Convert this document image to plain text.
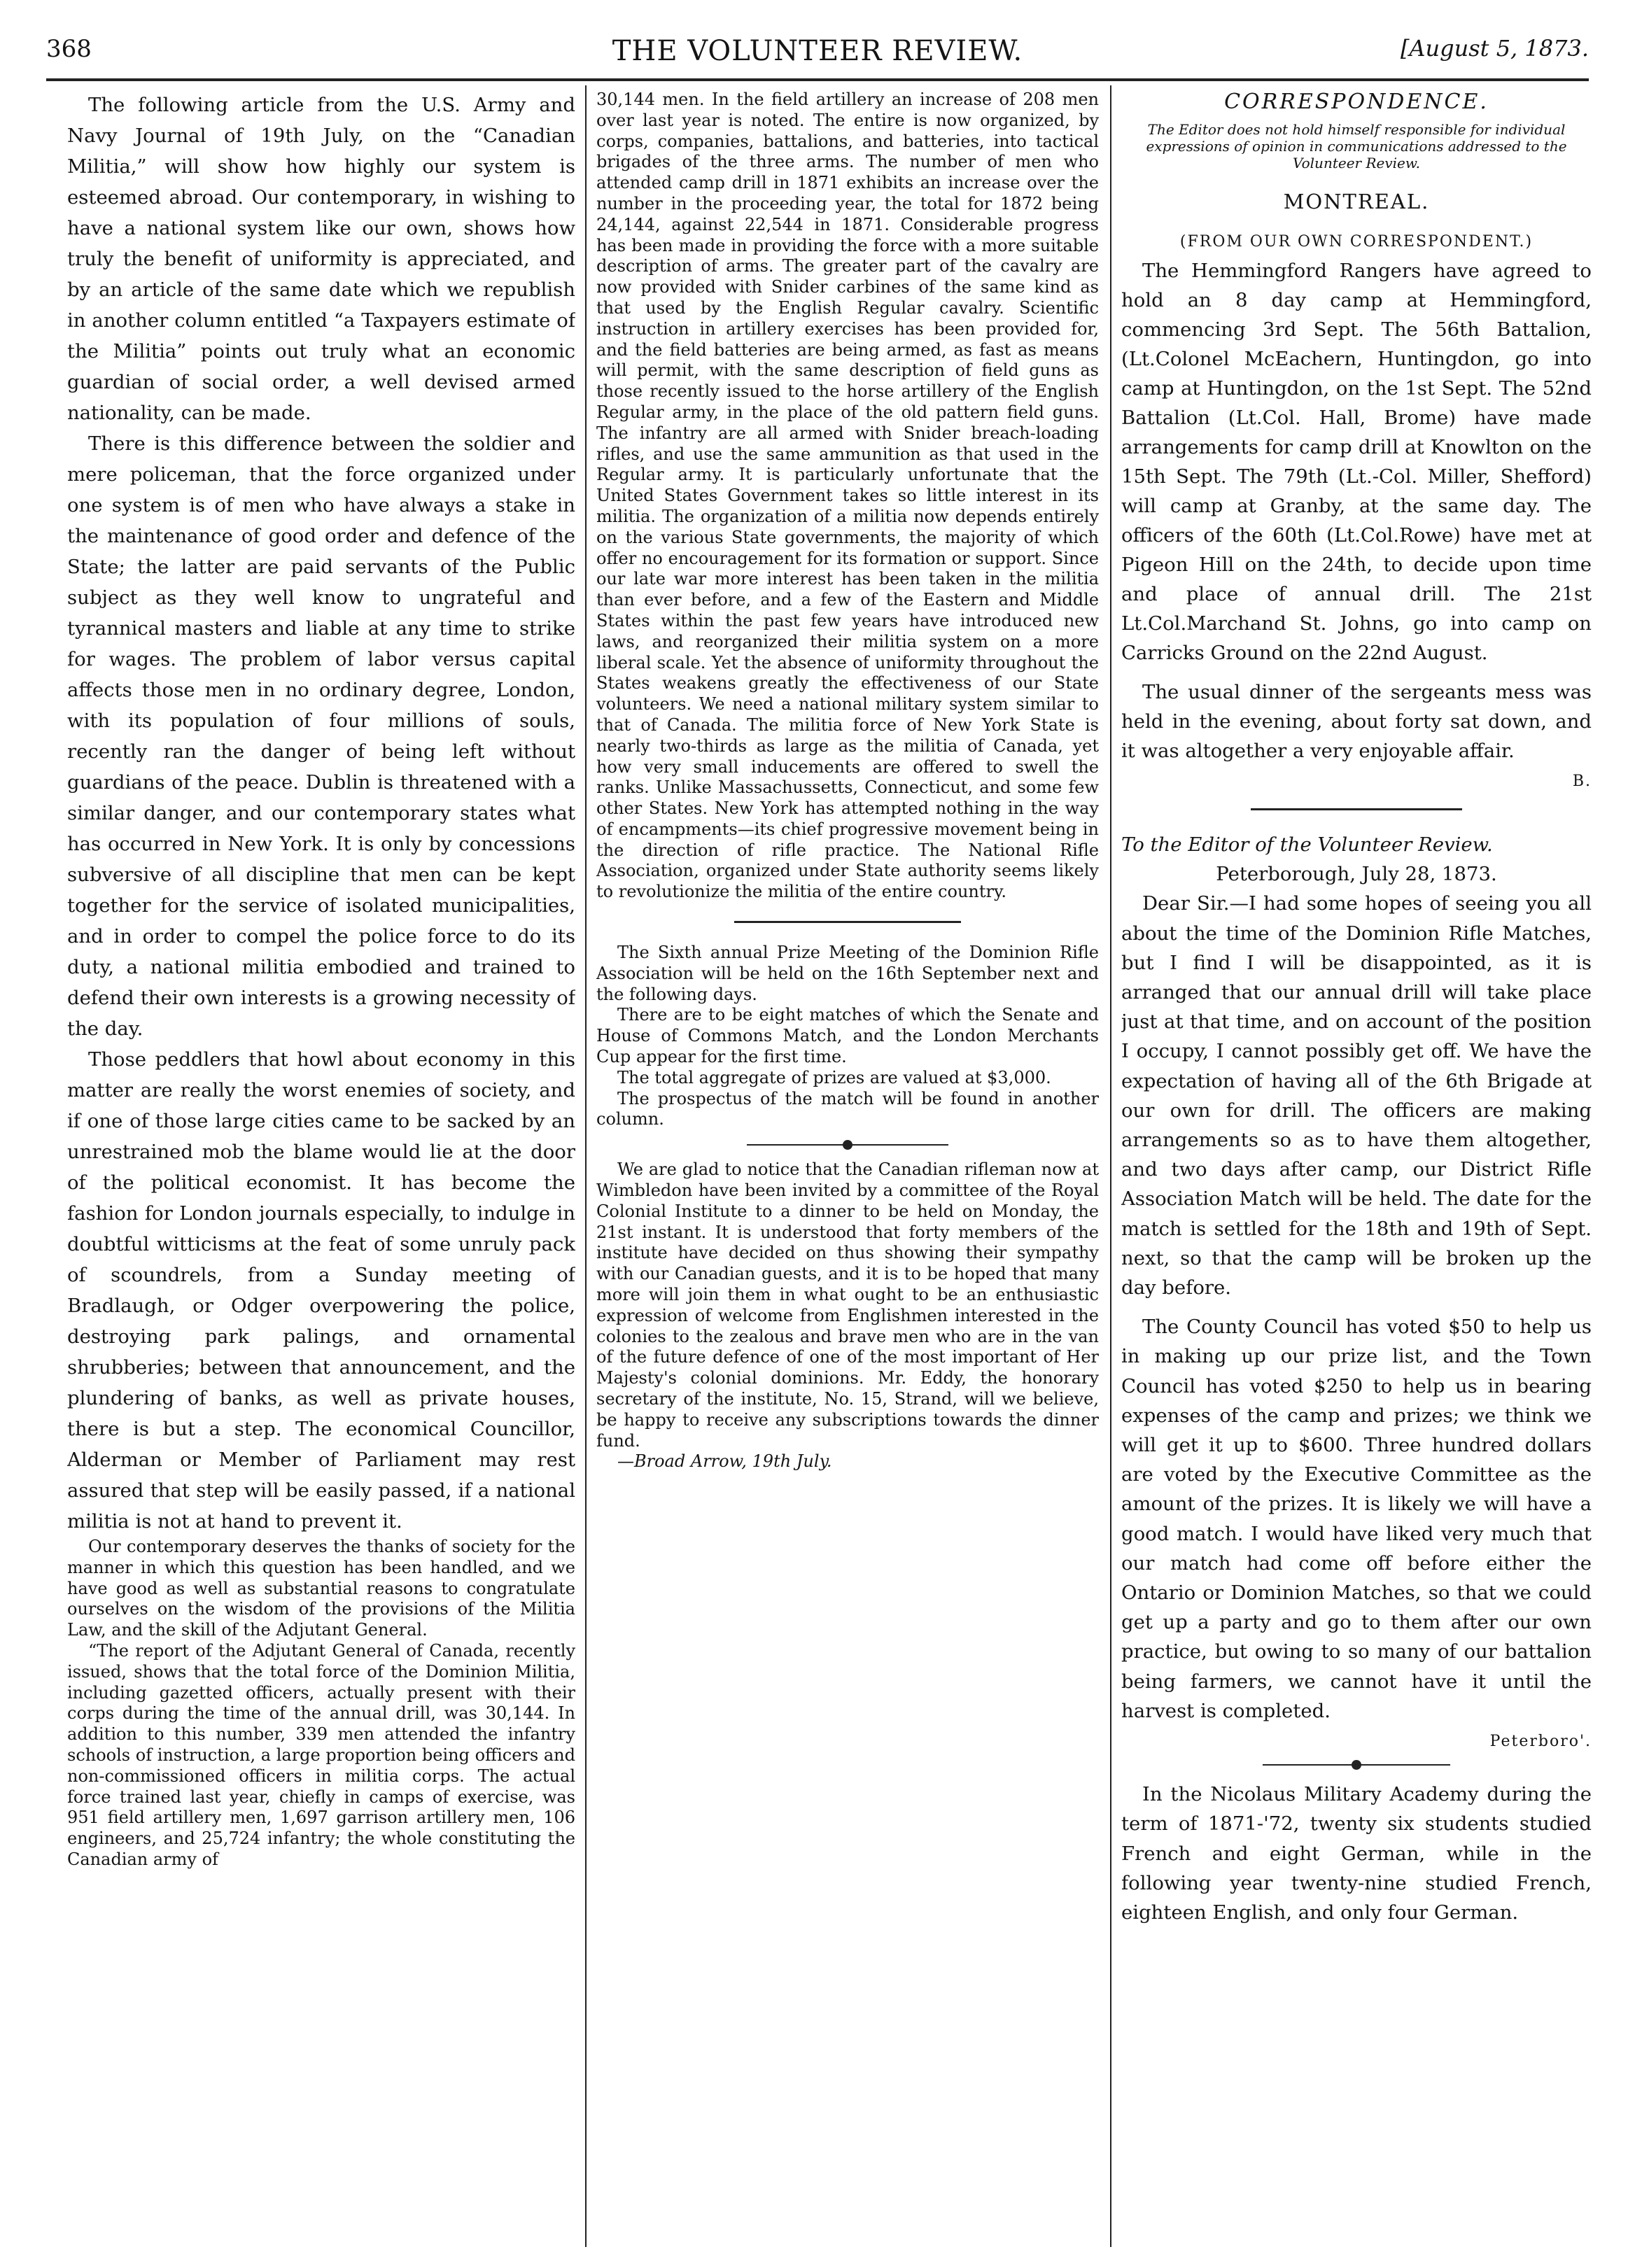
368	THE VOLUNTEER REVIEW.	[August 5, 1873.

The following article from the U.S. Army and Navy Journal of 19th July, on the “Canadian Militia,” will show how highly our system is esteemed abroad. Our contemporary, in wishing to have a national system like our own, shows how truly the benefit of uniformity is appreciated, and by an article of the same date which we republish in another column entitled “a Taxpayers estimate of the Militia” points out truly what an economic guardian of social order, a well devised armed nationality, can be made.

There is this difference between the soldier and mere policeman, that the force organized under one system is of men who have always a stake in the maintenance of good order and defence of the State; the latter are paid servants of the Public subject as they well know to ungrateful and tyrannical masters and liable at any time to strike for wages. The problem of labor versus capital affects those men in no ordinary degree, London, with its population of four millions of souls, recently ran the danger of being left without guardians of the peace. Dublin is threatened with a similar danger, and our contemporary states what has occurred in New York. It is only by concessions subversive of all discipline that men can be kept together for the service of isolated municipalities, and in order to compel the police force to do its duty, a national militia embodied and trained to defend their own interests is a growing necessity of the day.

Those peddlers that howl about economy in this matter are really the worst enemies of society, and if one of those large cities came to be sacked by an unrestrained mob the blame would lie at the door of the political economist. It has become the fashion for London journals especially, to indulge in doubtful witticisms at the feat of some unruly pack of scoundrels, from a Sunday meeting of Bradlaugh, or Odger overpowering the police, destroying park palings, and ornamental shrubberies; between that announcement, and the plundering of banks, as well as private houses, there is but a step. The economical Councillor, Alderman or Member of Parliament may rest assured that step will be easily passed, if a national militia is not at hand to prevent it.

Our contemporary deserves the thanks of society for the manner in which this question has been handled, and we have good as well as substantial reasons to congratulate ourselves on the wisdom of the provisions of the Militia Law, and the skill of the Adjutant General.

“The report of the Adjutant General of Canada, recently issued, shows that the total force of the Dominion Militia, including gazetted officers, actually present with their corps during the time of the annual drill, was 30,144. In addition to this number, 339 men attended the infantry schools of instruction, a large proportion being officers and non-commissioned officers in militia corps. The actual force trained last year, chiefly in camps of exercise, was 951 field artillery men, 1,697 garrison artillery men, 106 engineers, and 25,724 infantry; the whole constituting the Canadian army of

30,144 men. In the field artillery an increase of 208 men over last year is noted. The entire is now organized, by corps, companies, battalions, and batteries, into tactical brigades of the three arms. The number of men who attended camp drill in 1871 exhibits an increase over the number in the proceeding year, the total for 1872 being 24,144, against 22,544 in 1871. Considerable progress has been made in providing the force with a more suitable description of arms. The greater part of the cavalry are now provided with Snider carbines of the same kind as that used by the English Regular cavalry. Scientific instruction in artillery exercises has been provided for, and the field batteries are being armed, as fast as means will permit, with the same description of field guns as those recently issued to the horse artillery of the English Regular army, in the place of the old pattern field guns. The infantry are all armed with Snider breach-loading rifles, and use the same ammunition as that used in the Regular army. It is particularly unfortunate that the United States Government takes so little interest in its militia. The organization of a militia now depends entirely on the various State governments, the majority of which offer no encouragement for its formation or support. Since our late war more interest has been taken in the militia than ever before, and a few of the Eastern and Middle States within the past few years have introduced new laws, and reorganized their militia system on a more liberal scale. Yet the absence of uniformity throughout the States weakens greatly the effectiveness of our State volunteers. We need a national military system similar to that of Canada. The militia force of New York State is nearly two-thirds as large as the militia of Canada, yet how very small inducements are offered to swell the ranks. Unlike Massachussetts, Connecticut, and some few other States. New York has attempted nothing in the way of encampments—its chief progressive movement being in the direction of rifle practice. The National Rifle Association, organized under State authority seems likely to revolutionize the militia of the entire country.

The Sixth annual Prize Meeting of the Dominion Rifle Association will be held on the 16th September next and the following days.

There are to be eight matches of which the Senate and House of Commons Match, and the London Merchants Cup appear for the first time.

The total aggregate of prizes are valued at $3,000.

The prospectus of the match will be found in another column.

We are glad to notice that the Canadian rifleman now at Wimbledon have been invited by a committee of the Royal Colonial Institute to a dinner to be held on Monday, the 21st instant. It is understood that forty members of the institute have decided on thus showing their sympathy with our Canadian guests, and it is to be hoped that many more will join them in what ought to be an enthusiastic expression of welcome from Englishmen interested in the colonies to the zealous and brave men who are in the van of the future defence of one of the most important of Her Majesty's colonial dominions. Mr. Eddy, the honorary secretary of the institute, No. 15, Strand, will we believe, be happy to receive any subscriptions towards the dinner fund.

—Broad Arrow, 19th July.

CORRESPONDENCE.

The Editor does not hold himself responsible for individual expressions of opinion in communications addressed to the Volunteer Review.

MONTREAL.
(FROM OUR OWN CORRESPONDENT.)

The Hemmingford Rangers have agreed to hold an 8 day camp at Hemmingford, commencing 3rd Sept. The 56th Battalion, (Lt.Colonel McEachern, Huntingdon, go into camp at Huntingdon, on the 1st Sept. The 52nd Battalion (Lt.Col. Hall, Brome) have made arrangements for camp drill at Knowlton on the 15th Sept. The 79th (Lt.-Col. Miller, Shefford) will camp at Granby, at the same day. The officers of the 60th (Lt.Col.Rowe) have met at Pigeon Hill on the 24th, to decide upon time and place of annual drill. The 21st Lt.Col.Marchand St. Johns, go into camp on Carricks Ground on the 22nd August.

The usual dinner of the sergeants mess was held in the evening, about forty sat down, and it was altogether a very enjoyable affair.

B.

To the Editor of the Volunteer Review.

Peterborough, July 28, 1873.

Dear Sir.—I had some hopes of seeing you all about the time of the Dominion Rifle Matches, but I find I will be disappointed, as it is arranged that our annual drill will take place just at that time, and on account of the position I occupy, I cannot possibly get off. We have the expectation of having all of the 6th Brigade at our own for drill. The officers are making arrangements so as to have them altogether, and two days after camp, our District Rifle Association Match will be held. The date for the match is settled for the 18th and 19th of Sept. next, so that the camp will be broken up the day before.

The County Council has voted $50 to help us in making up our prize list, and the Town Council has voted $250 to help us in bearing expenses of the camp and prizes; we think we will get it up to $600. Three hundred dollars are voted by the Executive Committee as the amount of the prizes. It is likely we will have a good match. I would have liked very much that our match had come off before either the Ontario or Dominion Matches, so that we could get up a party and go to them after our own practice, but owing to so many of our battalion being farmers, we cannot have it until the harvest is completed.

Peterboro'.

In the Nicolaus Military Academy during the term of 1871-'72, twenty six students studied French and eight German, while in the following year twenty-nine studied French, eighteen English, and only four German.
